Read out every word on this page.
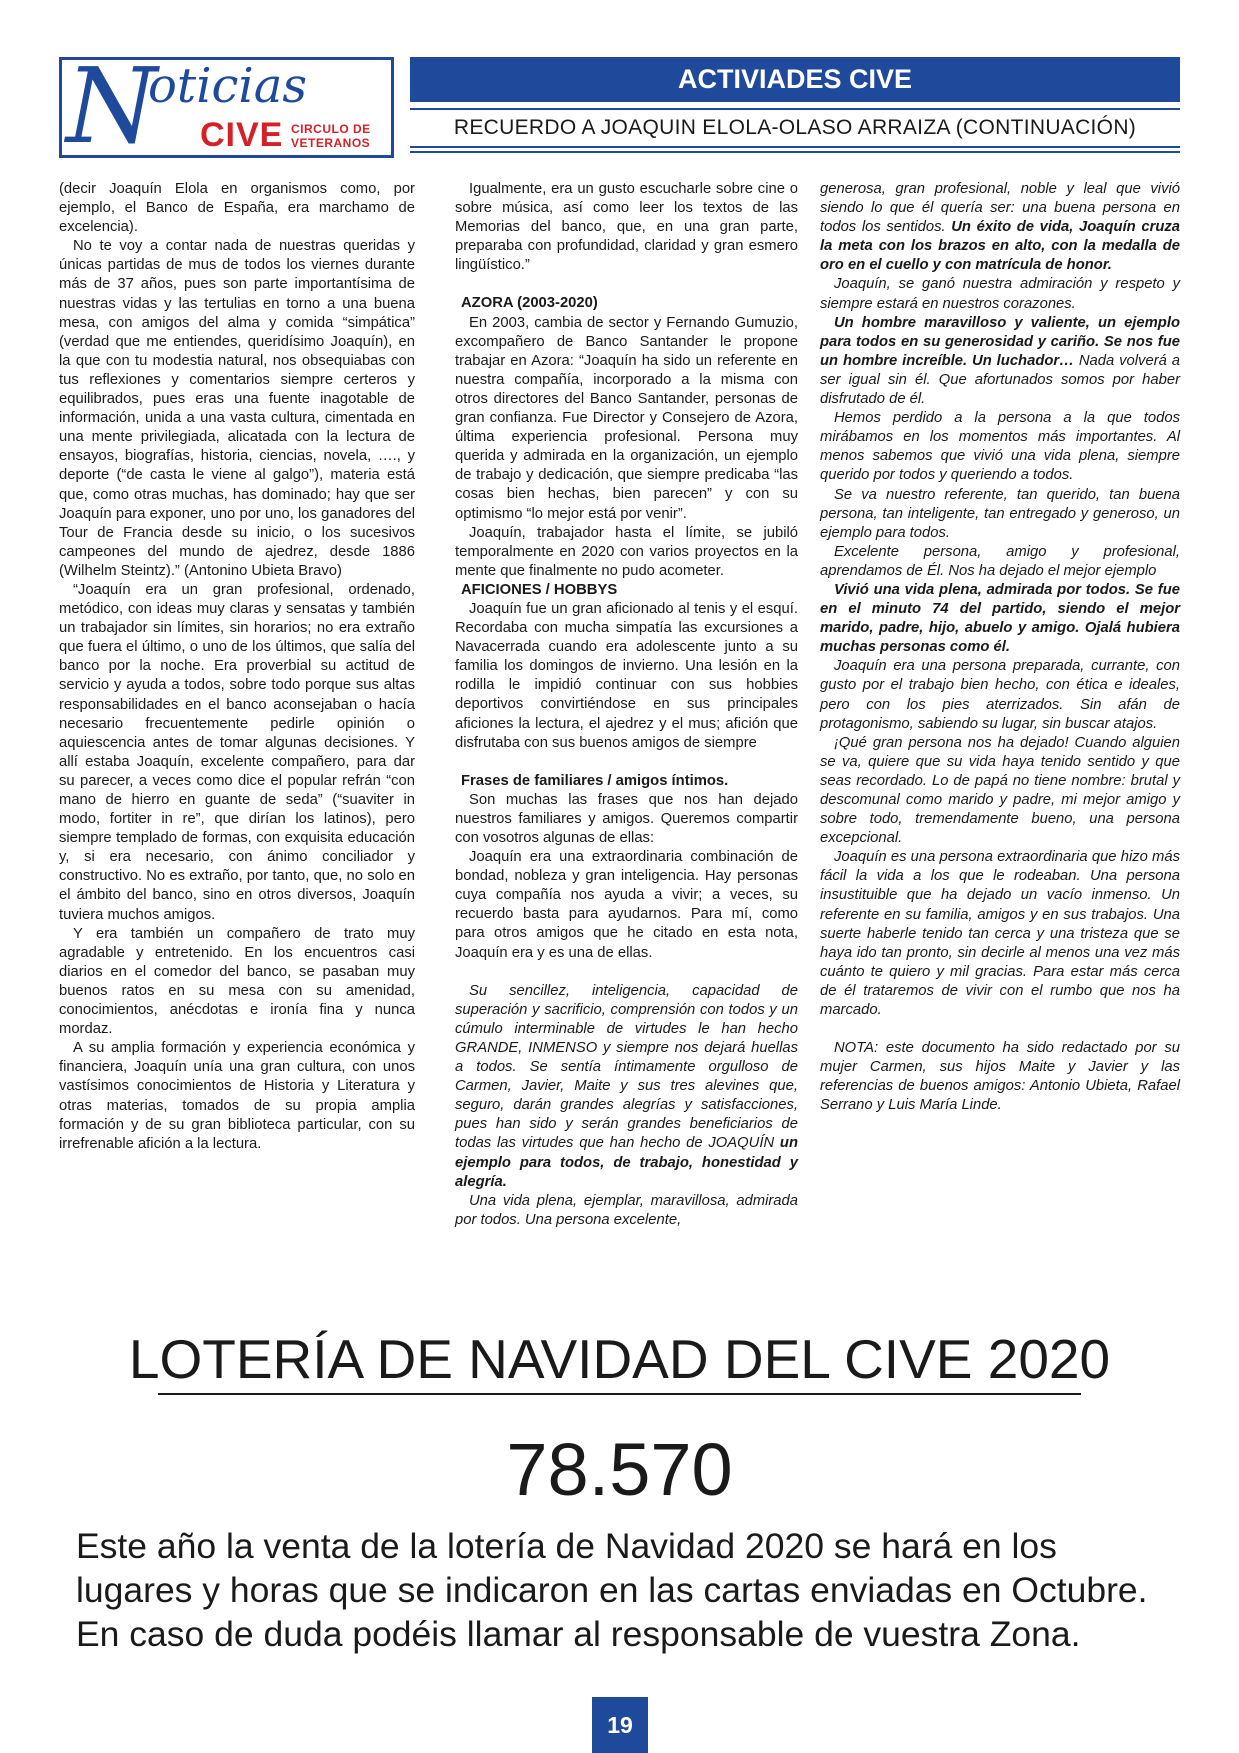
N
oticias
CIVE CIRCULO DE
VETERANOS
ACTIVIADES CIVE
RECUERDO A JOAQUIN ELOLA-OLASO ARRAIZA (CONTINUACIÓN)

(decir Joaquín Elola en organismos como, por ejemplo, el Banco de España, era marchamo de excelencia).

No te voy a contar nada de nuestras queridas y únicas partidas de mus de todos los viernes durante más de 37 años, pues son parte importantísima de nuestras vidas y las tertulias en torno a una buena mesa, con amigos del alma y comida “simpática” (verdad que me entiendes, queridísimo Joaquín), en la que con tu modestia natural, nos obsequiabas con tus reflexiones y comentarios siempre certeros y equilibrados, pues eras una fuente inagotable de información, unida a una vasta cultura, cimentada en una mente privilegiada, alicatada con la lectura de ensayos, biografías, historia, ciencias, novela, …., y deporte (“de casta le viene al galgo”), materia está que, como otras muchas, has dominado; hay que ser Joaquín para exponer, uno por uno, los ganadores del Tour de Francia desde su inicio, o los sucesivos campeones del mundo de ajedrez, desde 1886 (Wilhelm Steintz).” (Antonino Ubieta Bravo)

“Joaquín era un gran profesional, ordenado, metódico, con ideas muy claras y sensatas y también un trabajador sin límites, sin horarios; no era extraño que fuera el último, o uno de los últimos, que salía del banco por la noche. Era proverbial su actitud de servicio y ayuda a todos, sobre todo porque sus altas responsabilidades en el banco aconsejaban o hacía necesario frecuentemente pedirle opinión o aquiescencia antes de tomar algunas decisiones. Y allí estaba Joaquín, excelente compañero, para dar su parecer, a veces como dice el popular refrán “con mano de hierro en guante de seda” (“suaviter in modo, fortiter in re”, que dirían los latinos), pero siempre templado de formas, con exquisita educación y, si era necesario, con ánimo conciliador y constructivo. No es extraño, por tanto, que, no solo en el ámbito del banco, sino en otros diversos, Joaquín tuviera muchos amigos.

Y era también un compañero de trato muy agradable y entretenido. En los encuentros casi diarios en el comedor del banco, se pasaban muy buenos ratos en su mesa con su amenidad, conocimientos, anécdotas e ironía fina y nunca mordaz.

A su amplia formación y experiencia económica y financiera, Joaquín unía una gran cultura, con unos vastísimos conocimientos de Historia y Literatura y otras materias, tomados de su propia amplia formación y de su gran biblioteca particular, con su irrefrenable afición a la lectura.

Igualmente, era un gusto escucharle sobre cine o sobre música, así como leer los textos de las Memorias del banco, que, en una gran parte, preparaba con profundidad, claridad y gran esmero lingüístico.”

AZORA (2003-2020)

En 2003, cambia de sector y Fernando Gumuzio, excompañero de Banco Santander le propone trabajar en Azora: “Joaquín ha sido un referente en nuestra compañía, incorporado a la misma con otros directores del Banco Santander, personas de gran confianza. Fue Director y Consejero de Azora, última experiencia profesional. Persona muy querida y admirada en la organización, un ejemplo de trabajo y dedicación, que siempre predicaba “las cosas bien hechas, bien parecen” y con su optimismo “lo mejor está por venir”.

Joaquín, trabajador hasta el límite, se jubiló temporalmente en 2020 con varios proyectos en la mente que finalmente no pudo acometer.

AFICIONES / HOBBYS

Joaquín fue un gran aficionado al tenis y el esquí. Recordaba con mucha simpatía las excursiones a Navacerrada cuando era adolescente junto a su familia los domingos de invierno. Una lesión en la rodilla le impidió continuar con sus hobbies deportivos convirtiéndose en sus principales aficiones la lectura, el ajedrez y el mus; afición que disfrutaba con sus buenos amigos de siempre

Frases de familiares / amigos íntimos.

Son muchas las frases que nos han dejado nuestros familiares y amigos. Queremos compartir con vosotros algunas de ellas:

Joaquín era una extraordinaria combinación de bondad, nobleza y gran inteligencia. Hay personas cuya compañía nos ayuda a vivir; a veces, su recuerdo basta para ayudarnos. Para mí, como para otros amigos que he citado en esta nota, Joaquín era y es una de ellas.

Su sencillez, inteligencia, capacidad de superación y sacrificio, comprensión con todos y un cúmulo interminable de virtudes le han hecho GRANDE, INMENSO y siempre nos dejará huellas a todos. Se sentía íntimamente orgulloso de Carmen, Javier, Maite y sus tres alevines que, seguro, darán grandes alegrías y satisfacciones, pues han sido y serán grandes beneficiarios de todas las virtudes que han hecho de JOAQUÍN un ejemplo para todos, de trabajo, honestidad y alegría.

Una vida plena, ejemplar, maravillosa, admirada por todos. Una persona excelente,

generosa, gran profesional, noble y leal que vivió siendo lo que él quería ser: una buena persona en todos los sentidos. Un éxito de vida, Joaquín cruza la meta con los brazos en alto, con la medalla de oro en el cuello y con matrícula de honor.

Joaquín, se ganó nuestra admiración y respeto y siempre estará en nuestros corazones.

Un hombre maravilloso y valiente, un ejemplo para todos en su generosidad y cariño. Se nos fue un hombre increíble. Un luchador… Nada volverá a ser igual sin él. Que afortunados somos por haber disfrutado de él.

Hemos perdido a la persona a la que todos mirábamos en los momentos más importantes. Al menos sabemos que vivió una vida plena, siempre querido por todos y queriendo a todos.

Se va nuestro referente, tan querido, tan buena persona, tan inteligente, tan entregado y generoso, un ejemplo para todos.

Excelente persona, amigo y profesional, aprendamos de Él. Nos ha dejado el mejor ejemplo

Vivió una vida plena, admirada por todos. Se fue en el minuto 74 del partido, siendo el mejor marido, padre, hijo, abuelo y amigo. Ojalá hubiera muchas personas como él.

Joaquín era una persona preparada, currante, con gusto por el trabajo bien hecho, con ética e ideales, pero con los pies aterrizados. Sin afán de protagonismo, sabiendo su lugar, sin buscar atajos.

¡Qué gran persona nos ha dejado! Cuando alguien se va, quiere que su vida haya tenido sentido y que seas recordado. Lo de papá no tiene nombre: brutal y descomunal como marido y padre, mi mejor amigo y sobre todo, tremendamente bueno, una persona excepcional.

Joaquín es una persona extraordinaria que hizo más fácil la vida a los que le rodeaban. Una persona insustituible que ha dejado un vacío inmenso. Un referente en su familia, amigos y en sus trabajos. Una suerte haberle tenido tan cerca y una tristeza que se haya ido tan pronto, sin decirle al menos una vez más cuánto te quiero y mil gracias. Para estar más cerca de él trataremos de vivir con el rumbo que nos ha marcado.

NOTA: este documento ha sido redactado por su mujer Carmen, sus hijos Maite y Javier y las referencias de buenos amigos: Antonio Ubieta, Rafael Serrano y Luis María Linde.

LOTERÍA DE NAVIDAD DEL CIVE 2020
78.570
Este año la venta de la lotería de Navidad 2020 se hará en los lugares y horas que se indicaron en las cartas enviadas en Octubre. En caso de duda podéis llamar al responsable de vuestra Zona.
19
